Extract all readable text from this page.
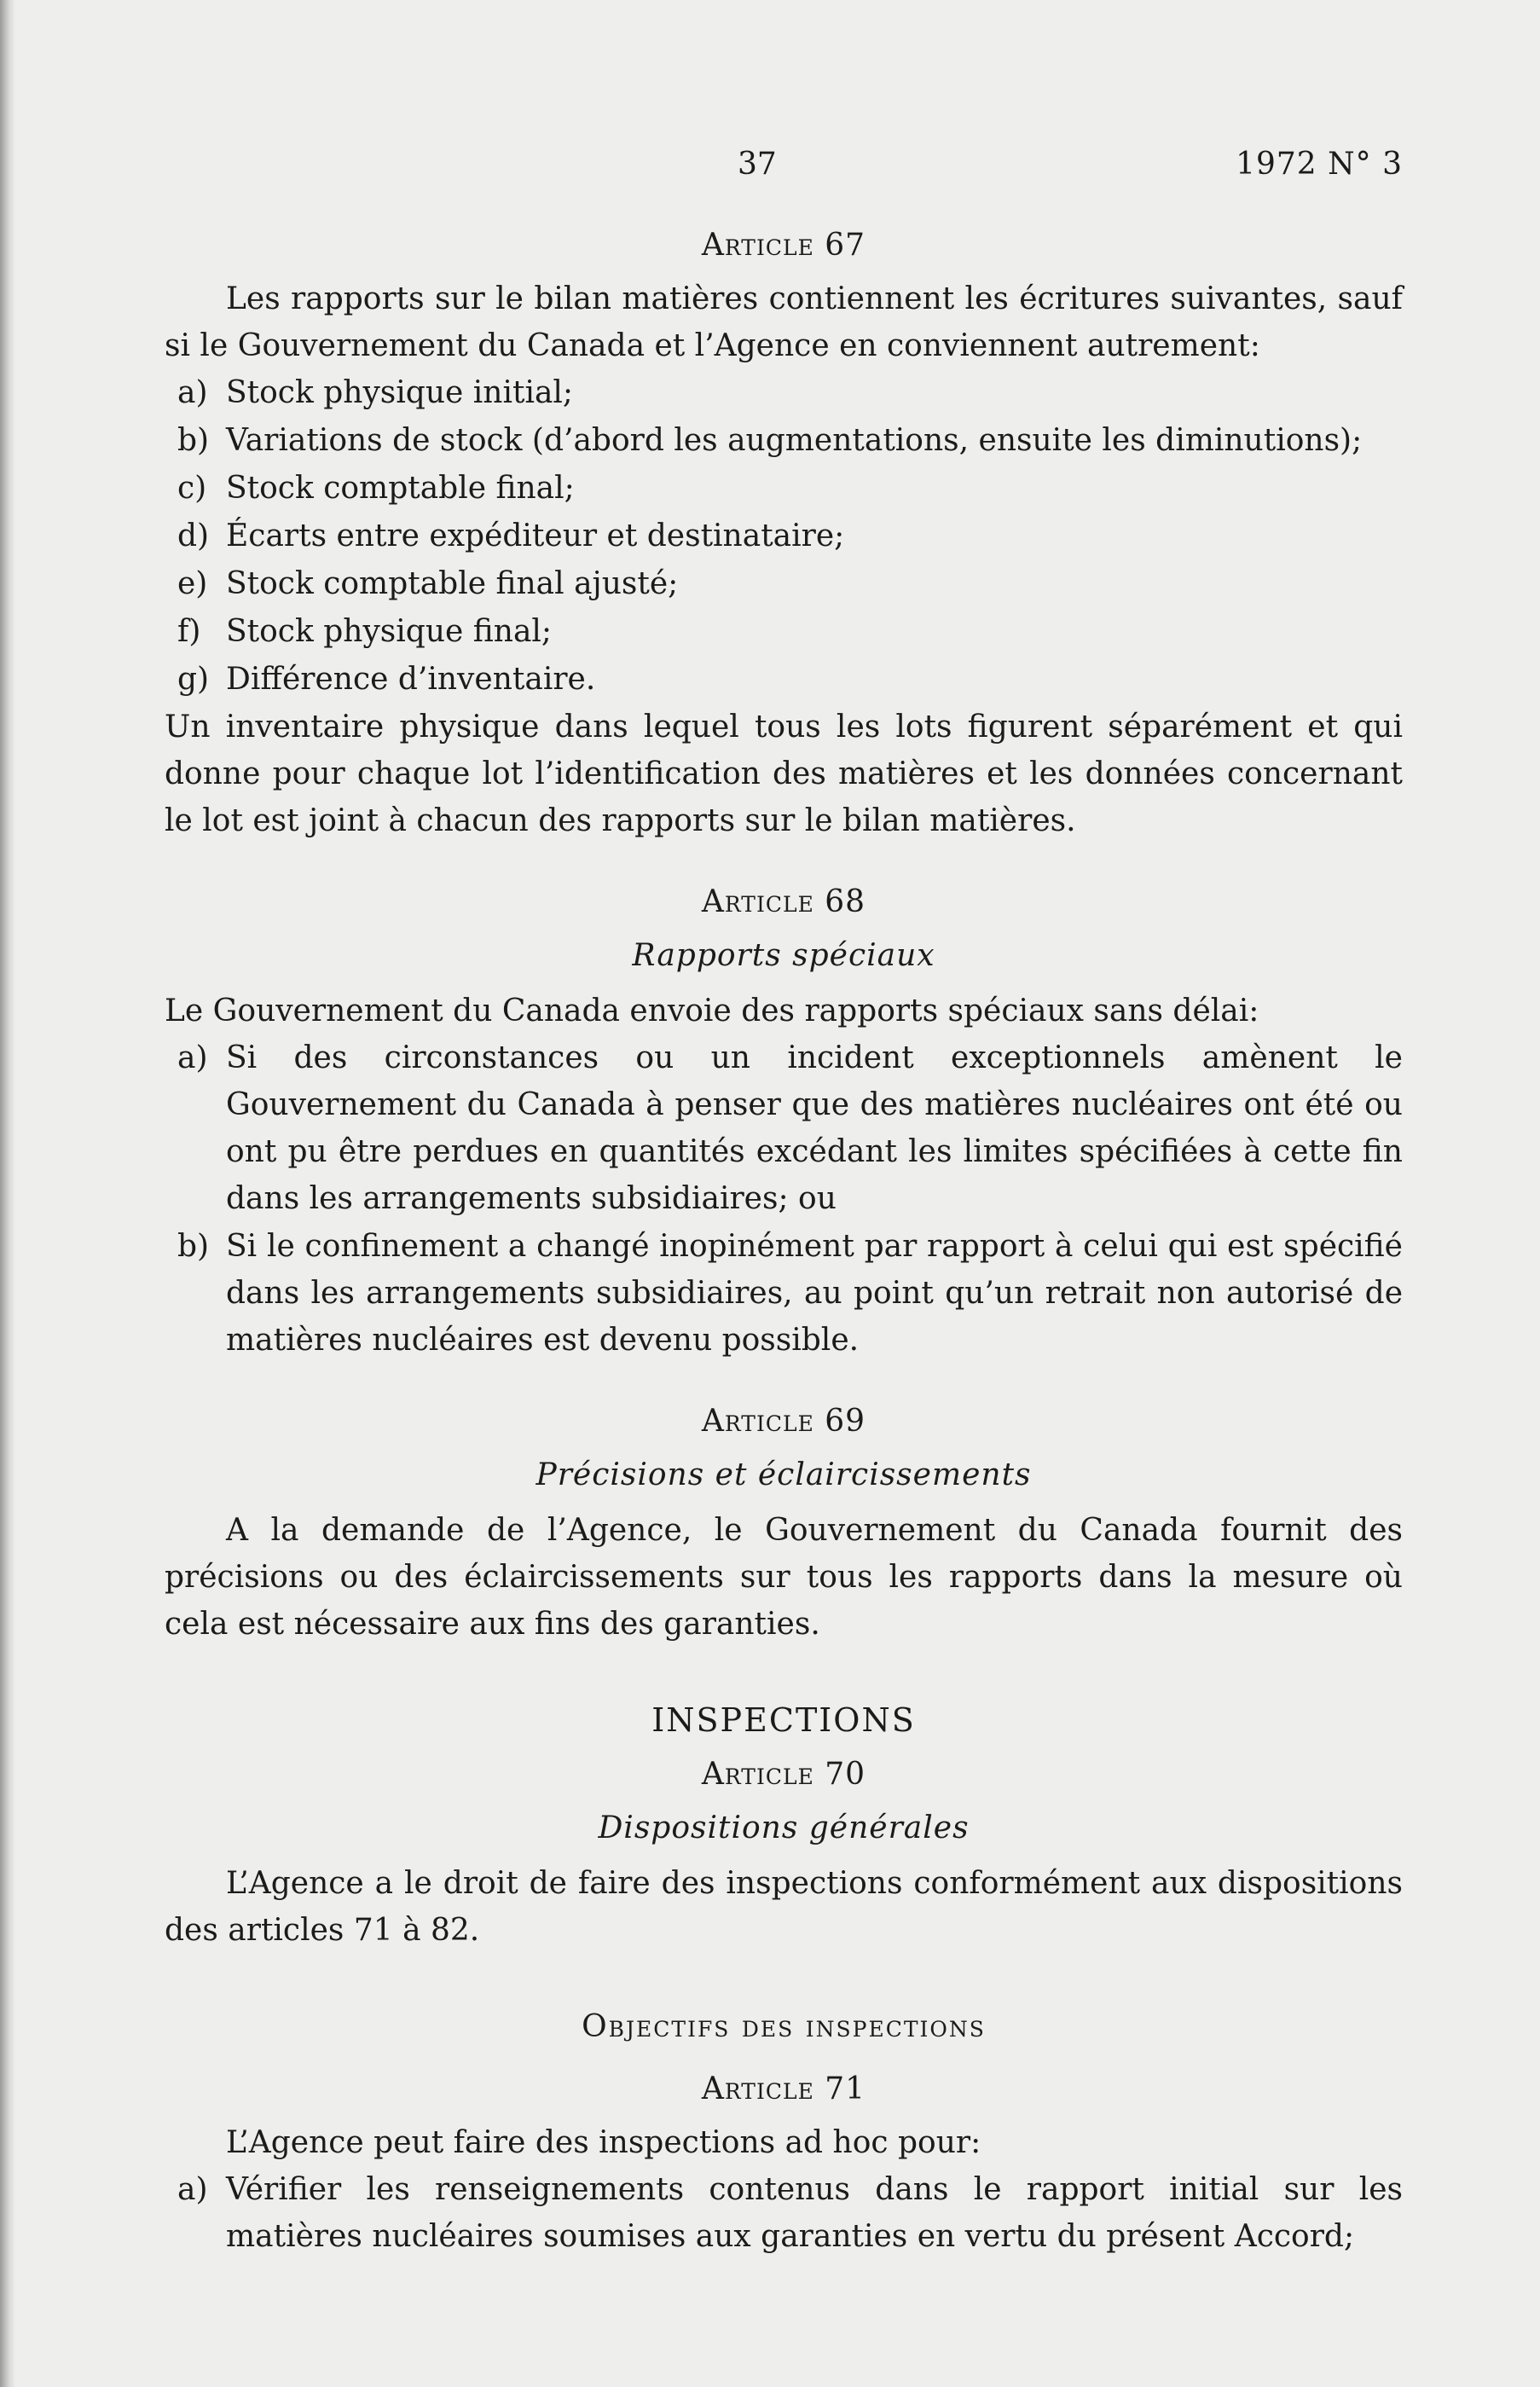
37	1972 N° 3
Article 67

Les rapports sur le bilan matières contiennent les écritures suivantes, sauf si le Gouvernement du Canada et l’Agence en conviennent autrement:

a) Stock physique initial;
b) Variations de stock (d’abord les augmentations, ensuite les diminutions);
c) Stock comptable final;
d) Écarts entre expéditeur et destinataire;
e) Stock comptable final ajusté;
f) Stock physique final;
g) Différence d’inventaire.

Un inventaire physique dans lequel tous les lots figurent séparément et qui donne pour chaque lot l’identification des matières et les données concernant le lot est joint à chacun des rapports sur le bilan matières.

Article 68
Rapports spéciaux

Le Gouvernement du Canada envoie des rapports spéciaux sans délai:

a) Si des circonstances ou un incident exceptionnels amènent le Gouvernement du Canada à penser que des matières nucléaires ont été ou ont pu être perdues en quantités excédant les limites spécifiées à cette fin dans les arrangements subsidiaires; ou
b) Si le confinement a changé inopinément par rapport à celui qui est spécifié dans les arrangements subsidiaires, au point qu’un retrait non autorisé de matières nucléaires est devenu possible.
Article 69
Précisions et éclaircissements

A la demande de l’Agence, le Gouvernement du Canada fournit des précisions ou des éclaircissements sur tous les rapports dans la mesure où cela est nécessaire aux fins des garanties.

INSPECTIONS
Article 70
Dispositions générales

L’Agence a le droit de faire des inspections conformément aux dispositions des articles 71 à 82.

Objectifs des inspections
Article 71

L’Agence peut faire des inspections ad hoc pour:

a) Vérifier les renseignements contenus dans le rapport initial sur les matières nucléaires soumises aux garanties en vertu du présent Accord;
